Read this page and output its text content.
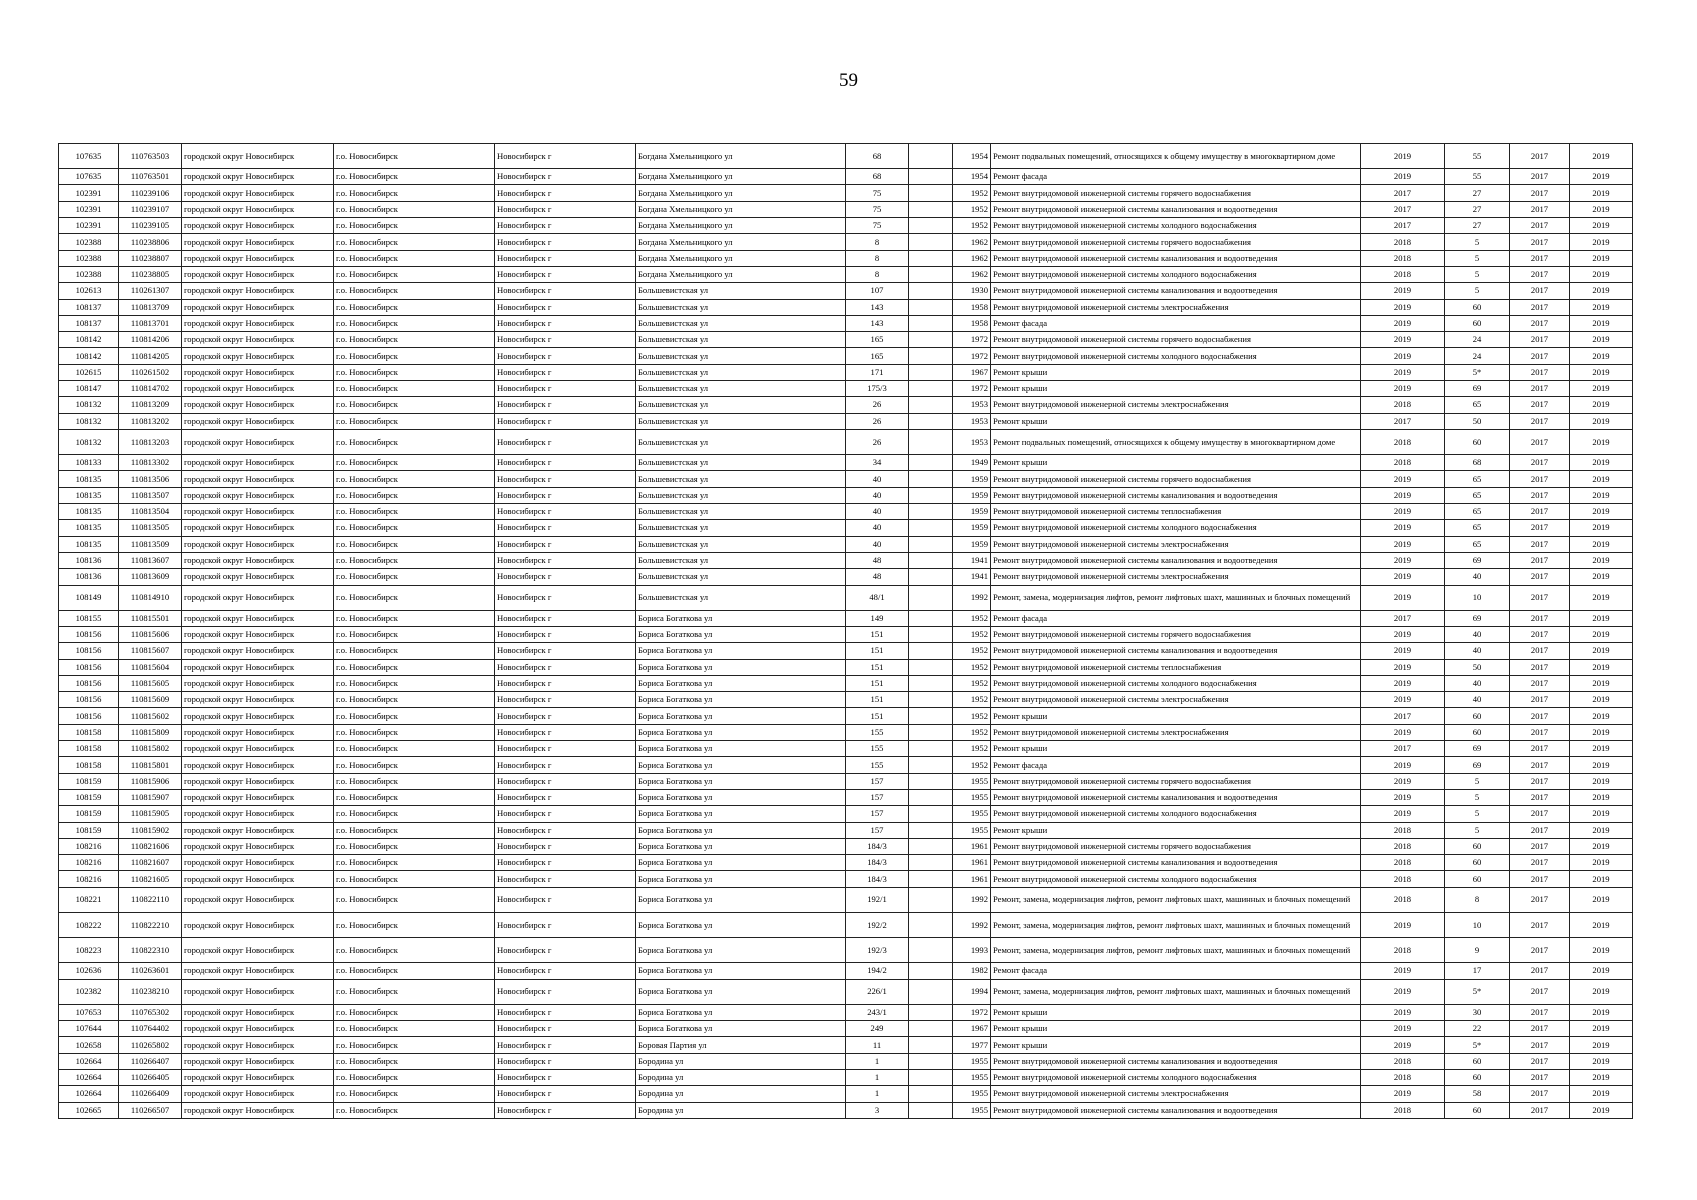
59
107635	110763503	городской округ Новосибирск	г.о. Новосибирск	Новосибирск г	Богдана Хмельницкого ул	68		1954	Ремонт подвальных помещений, относящихся к общему имуществу в многоквартирном доме	2019	55	2017	2019
107635	110763501	городской округ Новосибирск	г.о. Новосибирск	Новосибирск г	Богдана Хмельницкого ул	68		1954	Ремонт фасада	2019	55	2017	2019
102391	110239106	городской округ Новосибирск	г.о. Новосибирск	Новосибирск г	Богдана Хмельницкого ул	75		1952	Ремонт внутридомовой инженерной системы горячего водоснабжения	2017	27	2017	2019
102391	110239107	городской округ Новосибирск	г.о. Новосибирск	Новосибирск г	Богдана Хмельницкого ул	75		1952	Ремонт внутридомовой инженерной системы канализования и водоотведения	2017	27	2017	2019
102391	110239105	городской округ Новосибирск	г.о. Новосибирск	Новосибирск г	Богдана Хмельницкого ул	75		1952	Ремонт внутридомовой инженерной системы холодного водоснабжения	2017	27	2017	2019
102388	110238806	городской округ Новосибирск	г.о. Новосибирск	Новосибирск г	Богдана Хмельницкого ул	8		1962	Ремонт внутридомовой инженерной системы горячего водоснабжения	2018	5	2017	2019
102388	110238807	городской округ Новосибирск	г.о. Новосибирск	Новосибирск г	Богдана Хмельницкого ул	8		1962	Ремонт внутридомовой инженерной системы канализования и водоотведения	2018	5	2017	2019
102388	110238805	городской округ Новосибирск	г.о. Новосибирск	Новосибирск г	Богдана Хмельницкого ул	8		1962	Ремонт внутридомовой инженерной системы холодного водоснабжения	2018	5	2017	2019
102613	110261307	городской округ Новосибирск	г.о. Новосибирск	Новосибирск г	Большевистская ул	107		1930	Ремонт внутридомовой инженерной системы канализования и водоотведения	2019	5	2017	2019
108137	110813709	городской округ Новосибирск	г.о. Новосибирск	Новосибирск г	Большевистская ул	143		1958	Ремонт внутридомовой инженерной системы электроснабжения	2019	60	2017	2019
108137	110813701	городской округ Новосибирск	г.о. Новосибирск	Новосибирск г	Большевистская ул	143		1958	Ремонт фасада	2019	60	2017	2019
108142	110814206	городской округ Новосибирск	г.о. Новосибирск	Новосибирск г	Большевистская ул	165		1972	Ремонт внутридомовой инженерной системы горячего водоснабжения	2019	24	2017	2019
108142	110814205	городской округ Новосибирск	г.о. Новосибирск	Новосибирск г	Большевистская ул	165		1972	Ремонт внутридомовой инженерной системы холодного водоснабжения	2019	24	2017	2019
102615	110261502	городской округ Новосибирск	г.о. Новосибирск	Новосибирск г	Большевистская ул	171		1967	Ремонт крыши	2019	5*	2017	2019
108147	110814702	городской округ Новосибирск	г.о. Новосибирск	Новосибирск г	Большевистская ул	175/3		1972	Ремонт крыши	2019	69	2017	2019
108132	110813209	городской округ Новосибирск	г.о. Новосибирск	Новосибирск г	Большевистская ул	26		1953	Ремонт внутридомовой инженерной системы электроснабжения	2018	65	2017	2019
108132	110813202	городской округ Новосибирск	г.о. Новосибирск	Новосибирск г	Большевистская ул	26		1953	Ремонт крыши	2017	50	2017	2019
108132	110813203	городской округ Новосибирск	г.о. Новосибирск	Новосибирск г	Большевистская ул	26		1953	Ремонт подвальных помещений, относящихся к общему имуществу в многоквартирном доме	2018	60	2017	2019
108133	110813302	городской округ Новосибирск	г.о. Новосибирск	Новосибирск г	Большевистская ул	34		1949	Ремонт крыши	2018	68	2017	2019
108135	110813506	городской округ Новосибирск	г.о. Новосибирск	Новосибирск г	Большевистская ул	40		1959	Ремонт внутридомовой инженерной системы горячего водоснабжения	2019	65	2017	2019
108135	110813507	городской округ Новосибирск	г.о. Новосибирск	Новосибирск г	Большевистская ул	40		1959	Ремонт внутридомовой инженерной системы канализования и водоотведения	2019	65	2017	2019
108135	110813504	городской округ Новосибирск	г.о. Новосибирск	Новосибирск г	Большевистская ул	40		1959	Ремонт внутридомовой инженерной системы теплоснабжения	2019	65	2017	2019
108135	110813505	городской округ Новосибирск	г.о. Новосибирск	Новосибирск г	Большевистская ул	40		1959	Ремонт внутридомовой инженерной системы холодного водоснабжения	2019	65	2017	2019
108135	110813509	городской округ Новосибирск	г.о. Новосибирск	Новосибирск г	Большевистская ул	40		1959	Ремонт внутридомовой инженерной системы электроснабжения	2019	65	2017	2019
108136	110813607	городской округ Новосибирск	г.о. Новосибирск	Новосибирск г	Большевистская ул	48		1941	Ремонт внутридомовой инженерной системы канализования и водоотведения	2019	69	2017	2019
108136	110813609	городской округ Новосибирск	г.о. Новосибирск	Новосибирск г	Большевистская ул	48		1941	Ремонт внутридомовой инженерной системы электроснабжения	2019	40	2017	2019
108149	110814910	городской округ Новосибирск	г.о. Новосибирск	Новосибирск г	Большевистская ул	48/1		1992	Ремонт, замена, модернизация лифтов, ремонт лифтовых шахт, машинных и блочных помещений	2019	10	2017	2019
108155	110815501	городской округ Новосибирск	г.о. Новосибирск	Новосибирск г	Бориса Богаткова ул	149		1952	Ремонт фасада	2017	69	2017	2019
108156	110815606	городской округ Новосибирск	г.о. Новосибирск	Новосибирск г	Бориса Богаткова ул	151		1952	Ремонт внутридомовой инженерной системы горячего водоснабжения	2019	40	2017	2019
108156	110815607	городской округ Новосибирск	г.о. Новосибирск	Новосибирск г	Бориса Богаткова ул	151		1952	Ремонт внутридомовой инженерной системы канализования и водоотведения	2019	40	2017	2019
108156	110815604	городской округ Новосибирск	г.о. Новосибирск	Новосибирск г	Бориса Богаткова ул	151		1952	Ремонт внутридомовой инженерной системы теплоснабжения	2019	50	2017	2019
108156	110815605	городской округ Новосибирск	г.о. Новосибирск	Новосибирск г	Бориса Богаткова ул	151		1952	Ремонт внутридомовой инженерной системы холодного водоснабжения	2019	40	2017	2019
108156	110815609	городской округ Новосибирск	г.о. Новосибирск	Новосибирск г	Бориса Богаткова ул	151		1952	Ремонт внутридомовой инженерной системы электроснабжения	2019	40	2017	2019
108156	110815602	городской округ Новосибирск	г.о. Новосибирск	Новосибирск г	Бориса Богаткова ул	151		1952	Ремонт крыши	2017	60	2017	2019
108158	110815809	городской округ Новосибирск	г.о. Новосибирск	Новосибирск г	Бориса Богаткова ул	155		1952	Ремонт внутридомовой инженерной системы электроснабжения	2019	60	2017	2019
108158	110815802	городской округ Новосибирск	г.о. Новосибирск	Новосибирск г	Бориса Богаткова ул	155		1952	Ремонт крыши	2017	69	2017	2019
108158	110815801	городской округ Новосибирск	г.о. Новосибирск	Новосибирск г	Бориса Богаткова ул	155		1952	Ремонт фасада	2019	69	2017	2019
108159	110815906	городской округ Новосибирск	г.о. Новосибирск	Новосибирск г	Бориса Богаткова ул	157		1955	Ремонт внутридомовой инженерной системы горячего водоснабжения	2019	5	2017	2019
108159	110815907	городской округ Новосибирск	г.о. Новосибирск	Новосибирск г	Бориса Богаткова ул	157		1955	Ремонт внутридомовой инженерной системы канализования и водоотведения	2019	5	2017	2019
108159	110815905	городской округ Новосибирск	г.о. Новосибирск	Новосибирск г	Бориса Богаткова ул	157		1955	Ремонт внутридомовой инженерной системы холодного водоснабжения	2019	5	2017	2019
108159	110815902	городской округ Новосибирск	г.о. Новосибирск	Новосибирск г	Бориса Богаткова ул	157		1955	Ремонт крыши	2018	5	2017	2019
108216	110821606	городской округ Новосибирск	г.о. Новосибирск	Новосибирск г	Бориса Богаткова ул	184/3		1961	Ремонт внутридомовой инженерной системы горячего водоснабжения	2018	60	2017	2019
108216	110821607	городской округ Новосибирск	г.о. Новосибирск	Новосибирск г	Бориса Богаткова ул	184/3		1961	Ремонт внутридомовой инженерной системы канализования и водоотведения	2018	60	2017	2019
108216	110821605	городской округ Новосибирск	г.о. Новосибирск	Новосибирск г	Бориса Богаткова ул	184/3		1961	Ремонт внутридомовой инженерной системы холодного водоснабжения	2018	60	2017	2019
108221	110822110	городской округ Новосибирск	г.о. Новосибирск	Новосибирск г	Бориса Богаткова ул	192/1		1992	Ремонт, замена, модернизация лифтов, ремонт лифтовых шахт, машинных и блочных помещений	2018	8	2017	2019
108222	110822210	городской округ Новосибирск	г.о. Новосибирск	Новосибирск г	Бориса Богаткова ул	192/2		1992	Ремонт, замена, модернизация лифтов, ремонт лифтовых шахт, машинных и блочных помещений	2019	10	2017	2019
108223	110822310	городской округ Новосибирск	г.о. Новосибирск	Новосибирск г	Бориса Богаткова ул	192/3		1993	Ремонт, замена, модернизация лифтов, ремонт лифтовых шахт, машинных и блочных помещений	2018	9	2017	2019
102636	110263601	городской округ Новосибирск	г.о. Новосибирск	Новосибирск г	Бориса Богаткова ул	194/2		1982	Ремонт фасада	2019	17	2017	2019
102382	110238210	городской округ Новосибирск	г.о. Новосибирск	Новосибирск г	Бориса Богаткова ул	226/1		1994	Ремонт, замена, модернизация лифтов, ремонт лифтовых шахт, машинных и блочных помещений	2019	5*	2017	2019
107653	110765302	городской округ Новосибирск	г.о. Новосибирск	Новосибирск г	Бориса Богаткова ул	243/1		1972	Ремонт крыши	2019	30	2017	2019
107644	110764402	городской округ Новосибирск	г.о. Новосибирск	Новосибирск г	Бориса Богаткова ул	249		1967	Ремонт крыши	2019	22	2017	2019
102658	110265802	городской округ Новосибирск	г.о. Новосибирск	Новосибирск г	Боровая Партия ул	11		1977	Ремонт крыши	2019	5*	2017	2019
102664	110266407	городской округ Новосибирск	г.о. Новосибирск	Новосибирск г	Бородина ул	1		1955	Ремонт внутридомовой инженерной системы канализования и водоотведения	2018	60	2017	2019
102664	110266405	городской округ Новосибирск	г.о. Новосибирск	Новосибирск г	Бородина ул	1		1955	Ремонт внутридомовой инженерной системы холодного водоснабжения	2018	60	2017	2019
102664	110266409	городской округ Новосибирск	г.о. Новосибирск	Новосибирск г	Бородина ул	1		1955	Ремонт внутридомовой инженерной системы электроснабжения	2019	58	2017	2019
102665	110266507	городской округ Новосибирск	г.о. Новосибирск	Новосибирск г	Бородина ул	3		1955	Ремонт внутридомовой инженерной системы канализования и водоотведения	2018	60	2017	2019
